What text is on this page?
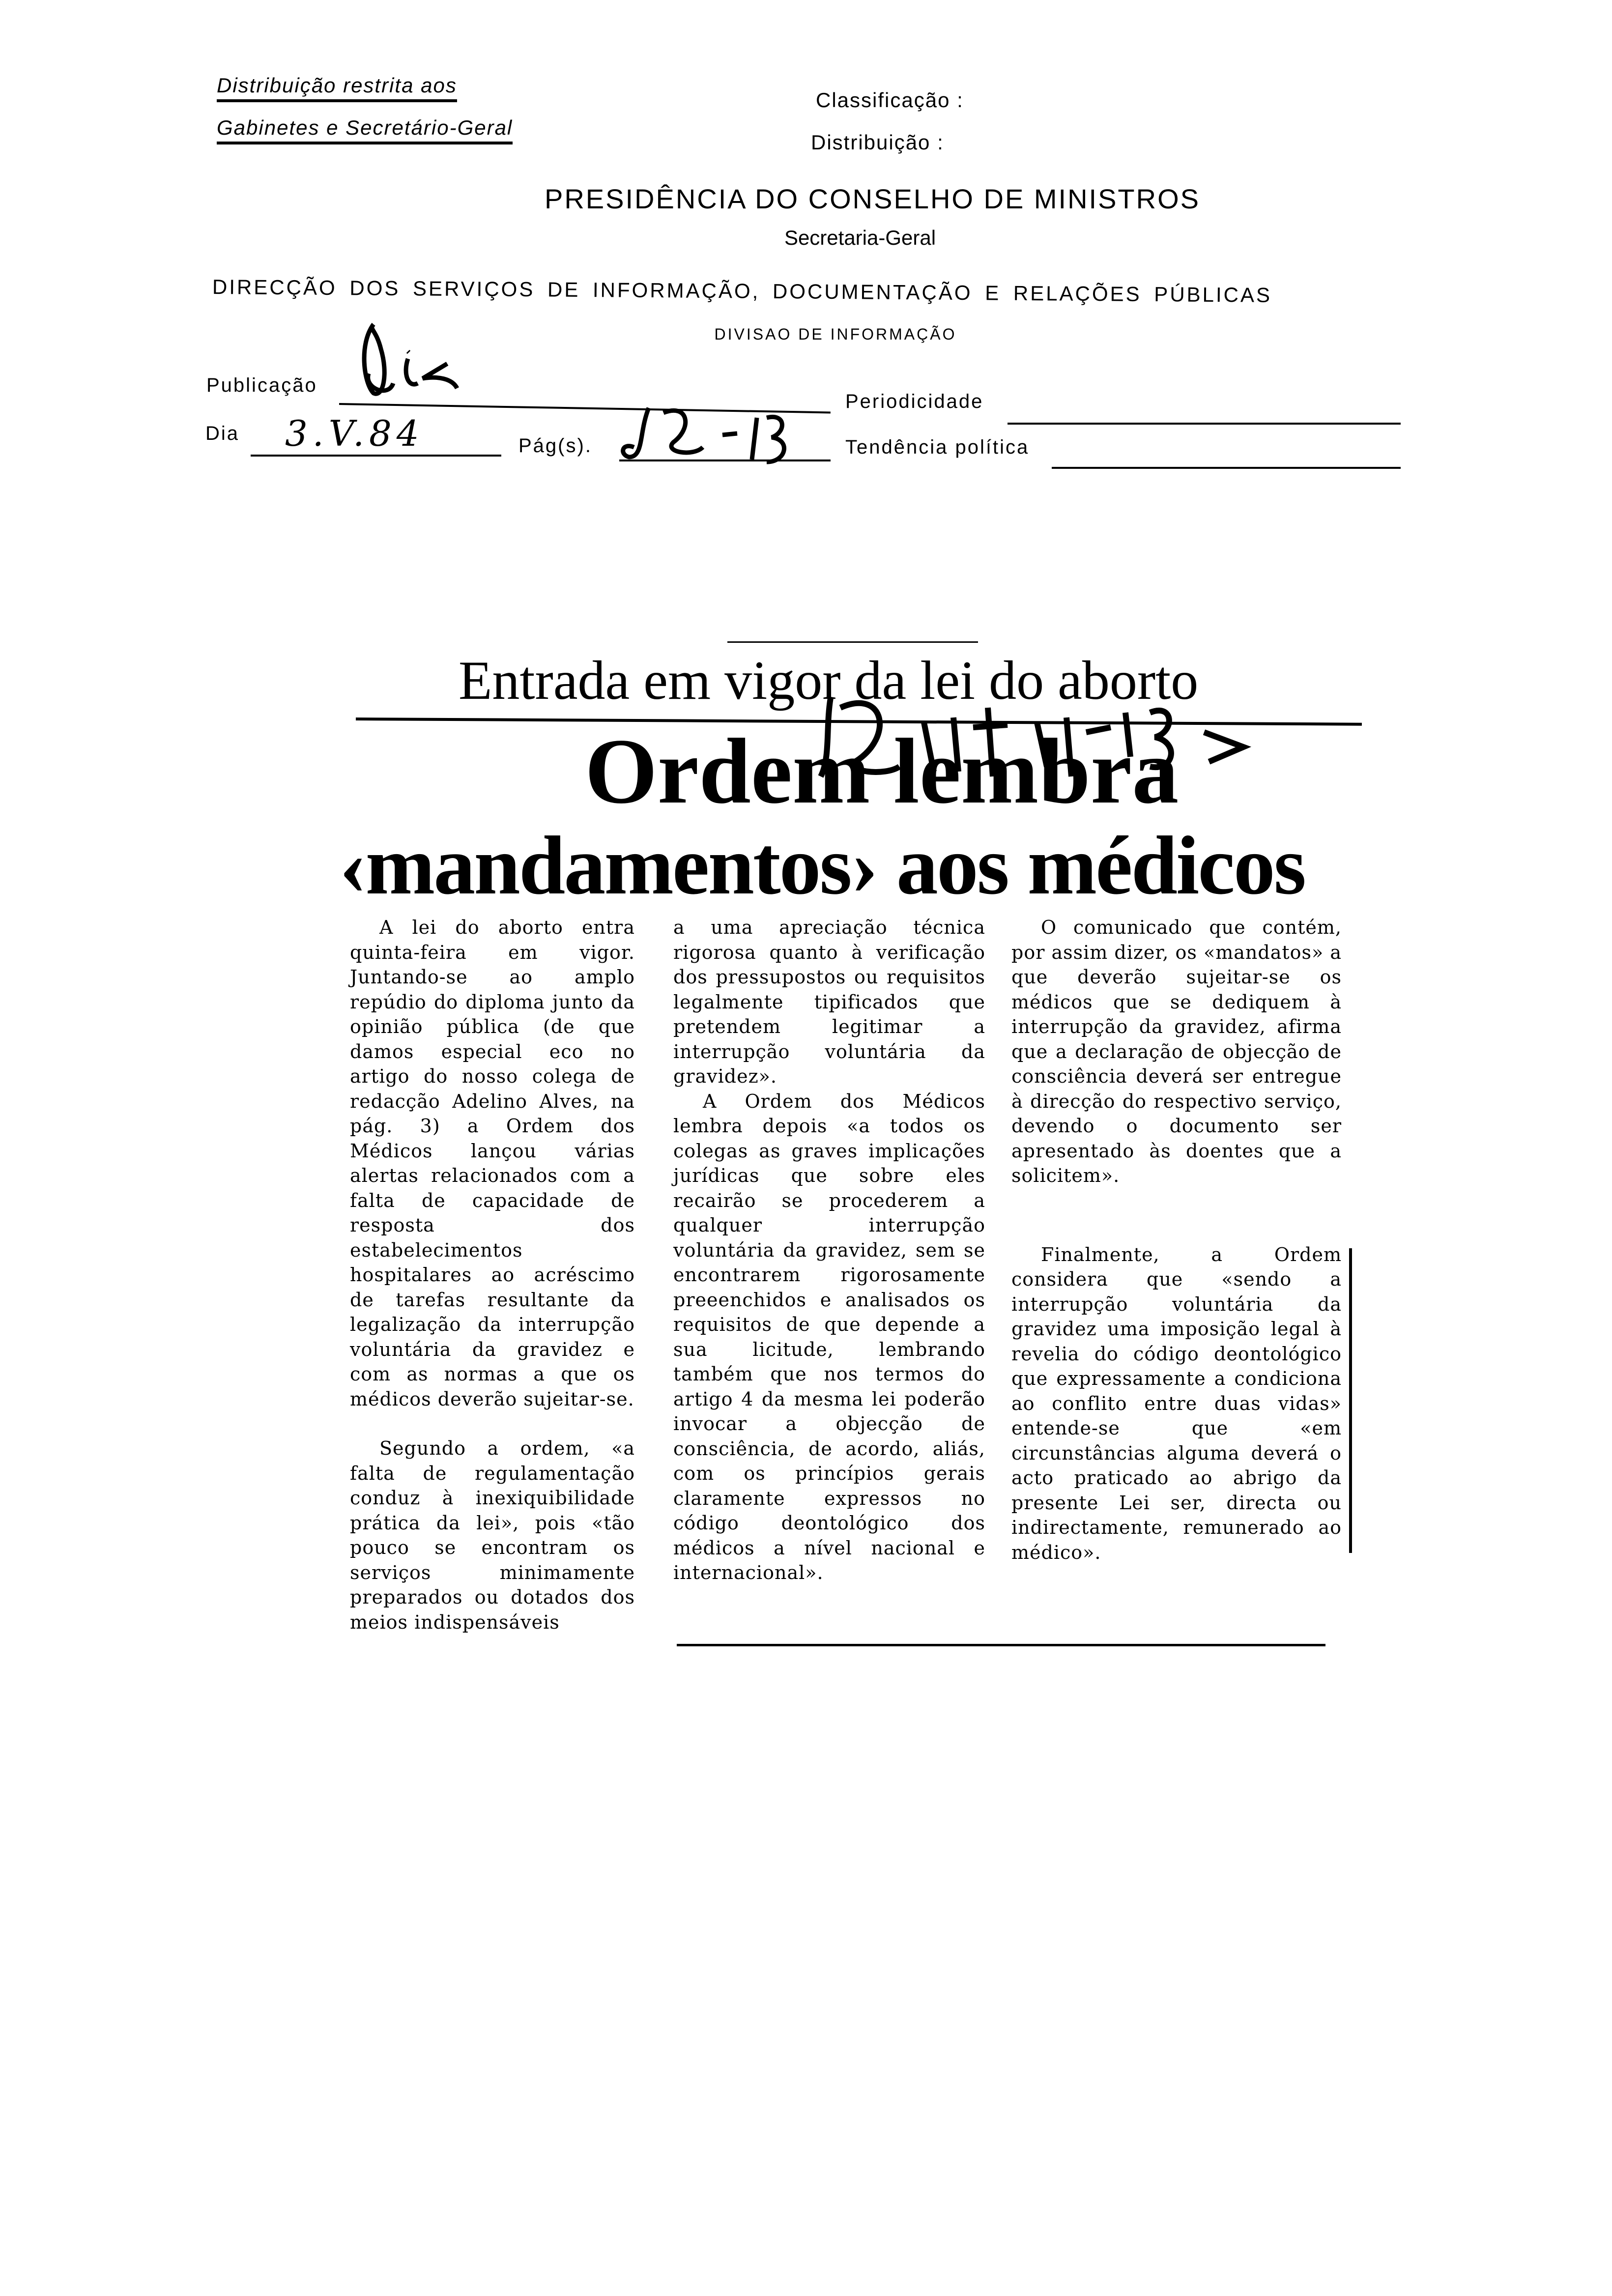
Distribuição restrita aos
Gabinetes e Secretário-Geral
Classificação :
Distribuição :
PRESIDÊNCIA DO CONSELHO DE MINISTROS
Secretaria-Geral
DIRECÇÃO DOS SERVIÇOS DE INFORMAÇÃO, DOCUMENTAÇÃO E RELAÇÕES PÚBLICAS
DIVISAO DE INFORMAÇÃO
Publicação
Periodicidade
Dia 3.V.84	Pág(s).	Tendência política
Entrada em vigor da lei do aborto
Ordem lembra
‹mandamentos› aos médicos

A lei do aborto entra quinta-feira em vigor. Juntando-se ao amplo repúdio do diploma junto da opinião pública (de que damos especial eco no artigo do nosso colega de redacção Adelino Alves, na pág. 3) a Ordem dos Médicos lançou várias alertas relacionados com a falta de capacidade de resposta dos estabelecimentos hospitalares ao acréscimo de tarefas resultante da legalização da interrupção voluntária da gravidez e com as normas a que os médicos deverão sujeitar-se.

Segundo a ordem, «a falta de regulamentação conduz à inexiquibilidade prática da lei», pois «tão pouco se encontram os serviços minimamente preparados ou dotados dos meios indispensáveis

a uma apreciação técnica rigorosa quanto à verificação dos pressupostos ou requisitos legalmente tipificados que pretendem legitimar a interrupção voluntária da gravidez».

A Ordem dos Médicos lembra depois «a todos os colegas as graves implicações jurídicas que sobre eles recairão se procederem a qualquer interrupção voluntária da gravidez, sem se encontrarem rigorosamente preeenchidos e analisados os requisitos de que depende a sua licitude, lembrando também que nos termos do artigo 4 da mesma lei poderão invocar a objecção de consciência, de acordo, aliás, com os princípios gerais claramente expressos no código deontológico dos médicos a nível nacional e internacional».

O comunicado que contém, por assim dizer, os «mandatos» a que deverão sujeitar-se os médicos que se dediquem à interrupção da gravidez, afirma que a declaração de objecção de consciência deverá ser entregue à direcção do respectivo serviço, devendo o documento ser apresentado às doentes que a solicitem».

Finalmente, a Ordem considera que «sendo a interrupção voluntária da gravidez uma imposição legal à revelia do código deontológico que expressamente a condiciona ao conflito entre duas vidas» entende-se que «em circunstâncias alguma deverá o acto praticado ao abrigo da presente Lei ser, directa ou indirectamente, remunerado ao médico».
